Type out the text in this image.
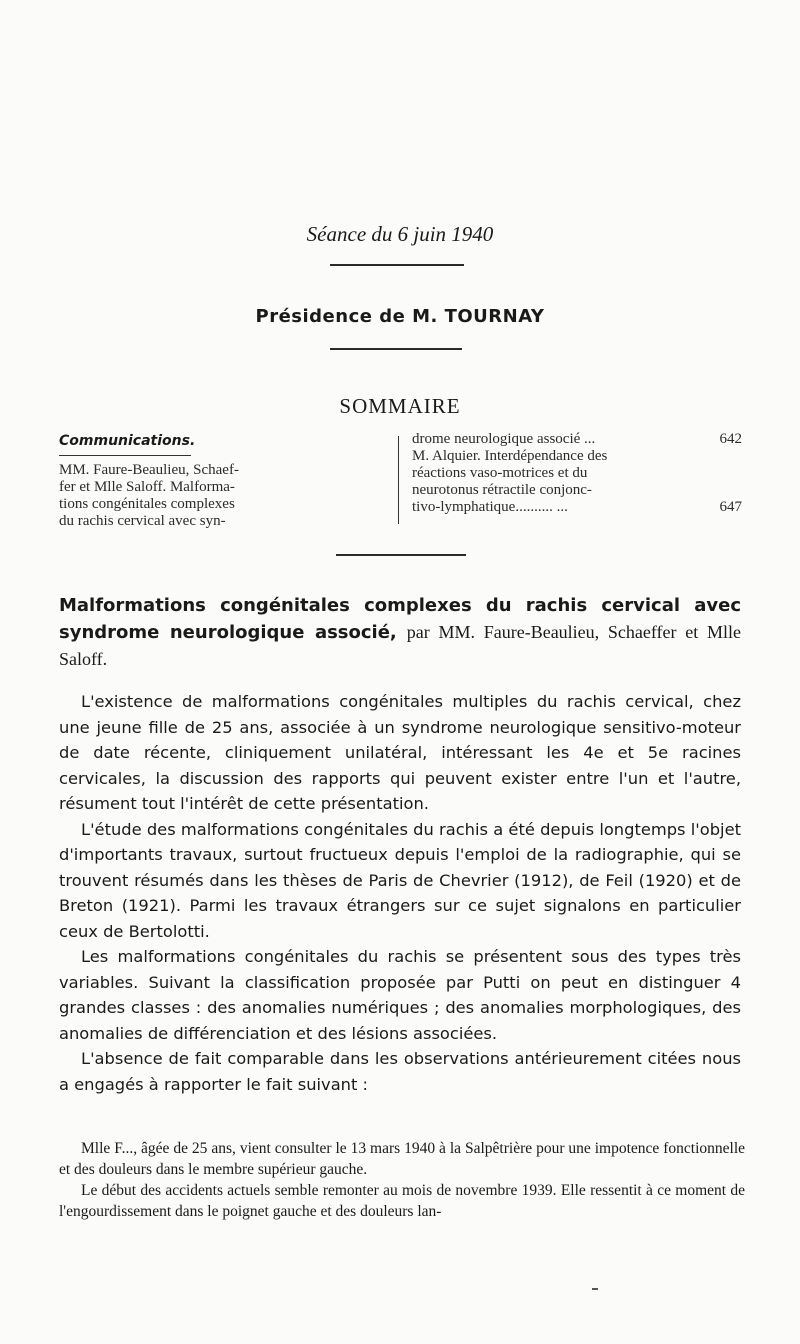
Séance du 6 juin 1940
Présidence de M. TOURNAY
SOMMAIRE
Communications.
MM. Faure-Beaulieu, Schaef-
fer et Mlle Saloff. Malforma-
tions congénitales complexes
du rachis cervical avec syn-
drome neurologique associé ...	642
M. Alquier. Interdépendance des
réactions vaso-motrices et du
neurotonus rétractile conjonc-
tivo-lymphatique.......... ...	647
Malformations congénitales complexes du rachis cervical avec syndrome neurologique associé, par MM. Faure-Beaulieu, Schaeffer et Mlle Saloff.

L'existence de malformations congénitales multiples du rachis cervical, chez une jeune fille de 25 ans, associée à un syndrome neurologique sensitivo-moteur de date récente, cliniquement unilatéral, intéressant les 4e et 5e racines cervicales, la discussion des rapports qui peuvent exister entre l'un et l'autre, résument tout l'intérêt de cette présentation.

L'étude des malformations congénitales du rachis a été depuis longtemps l'objet d'importants travaux, surtout fructueux depuis l'emploi de la radiographie, qui se trouvent résumés dans les thèses de Paris de Chevrier (1912), de Feil (1920) et de Breton (1921). Parmi les travaux étrangers sur ce sujet signalons en particulier ceux de Bertolotti.

Les malformations congénitales du rachis se présentent sous des types très variables. Suivant la classification proposée par Putti on peut en distinguer 4 grandes classes : des anomalies numériques ; des anomalies morphologiques, des anomalies de différenciation et des lésions associées.

L'absence de fait comparable dans les observations antérieurement citées nous a engagés à rapporter le fait suivant :

Mlle F..., âgée de 25 ans, vient consulter le 13 mars 1940 à la Salpêtrière pour une impotence fonctionnelle et des douleurs dans le membre supérieur gauche.

Le début des accidents actuels semble remonter au mois de novembre 1939. Elle ressentit à ce moment de l'engourdissement dans le poignet gauche et des douleurs lan-
